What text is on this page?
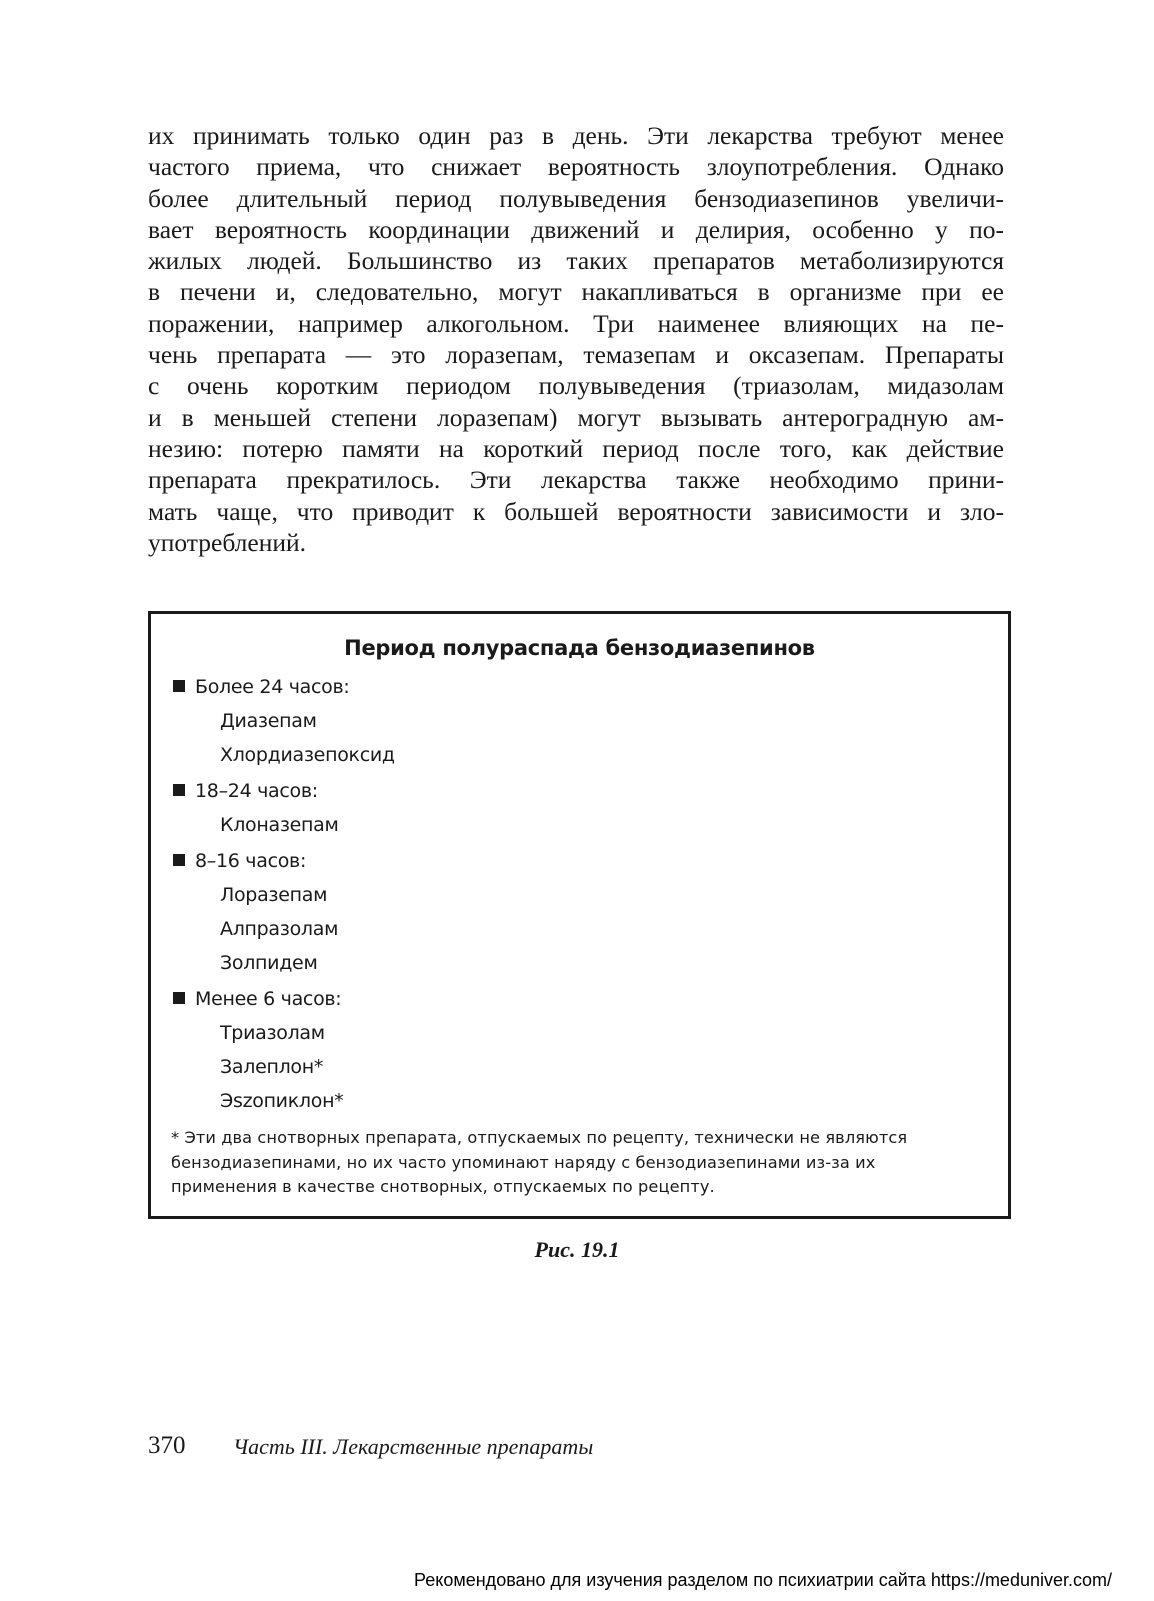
их принимать только один раз в день. Эти лекарства требуют менее
частого приема, что снижает вероятность злоупотребления. Однако
более длительный период полувыведения бензодиазепинов увеличи-
вает вероятность координации движений и делирия, особенно у по-
жилых людей. Большинство из таких препаратов метаболизируются
в печени и, следовательно, могут накапливаться в организме при ее
поражении, например алкогольном. Три наименее влияющих на пе-
чень препарата — это лоразепам, темазепам и оксазепам. Препараты
с очень коротким периодом полувыведения (триазолам, мидазолам
и в меньшей степени лоразепам) могут вызывать антероградную ам-
незию: потерю памяти на короткий период после того, как действие
препарата прекратилось. Эти лекарства также необходимо прини-
мать чаще, что приводит к большей вероятности зависимости и зло-
употреблений.
Период полураспада бензодиазепинов
Более 24 часов:
Диазепам
Хлордиазепоксид
18–24 часов:
Клоназепам
8–16 часов:
Лоразепам
Алпразолам
Золпидем
Менее 6 часов:
Триазолам
Залеплон*
Эszопиклон*
* Эти два снотворных препарата, отпускаемых по рецепту, технически не являются
бензодиазепинами, но их часто упоминают наряду с бензодиазепинами из-за их
применения в качестве снотворных, отпускаемых по рецепту.
Рис. 19.1
370 Часть III. Лекарственные препараты
Рекомендовано для изучения разделом по психиатрии сайта https://meduniver.com/
